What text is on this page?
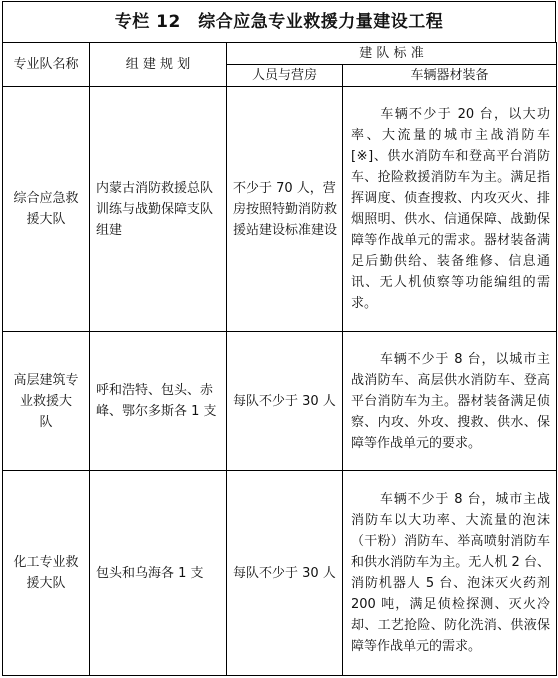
专栏 12　综合应急专业救援力量建设工程
专业队名称	组 建 规 划	建 队 标 准	
		人员与营房	车辆器材装备
综合应急救援大队	内蒙古消防救援总队训练与战勤保障支队组建	不少于 70 人，营房按照特勤消防救援站建设标准建设	车辆不少于 20 台，以大功率、大流量的城市主战消防车[※]、供水消防车和登高平台消防车、抢险救援消防车为主。满足指挥调度、侦查搜救、内攻灭火、排烟照明、供水、信通保障、战勤保障等作战单元的需求。器材装备满足后勤供给、装备维修、信息通讯、无人机侦察等功能编组的需求。
高层建筑专业救援大　队	呼和浩特、包头、赤峰、鄂尔多斯各 1 支	每队不少于 30 人	车辆不少于 8 台，以城市主战消防车、高层供水消防车、登高平台消防车为主。器材装备满足侦察、内攻、外攻、搜救、供水、保障等作战单元的要求。
化工专业救援大队	包头和乌海各 1 支	每队不少于 30 人	车辆不少于 8 台，城市主战消防车以大功率、大流量的泡沫（干粉）消防车、举高喷射消防车和供水消防车为主。无人机 2 台、消防机器人 5 台、泡沫灭火药剂 200 吨，满足侦检探测、灭火冷却、工艺抢险、防化洗消、供液保障等作战单元的需求。
